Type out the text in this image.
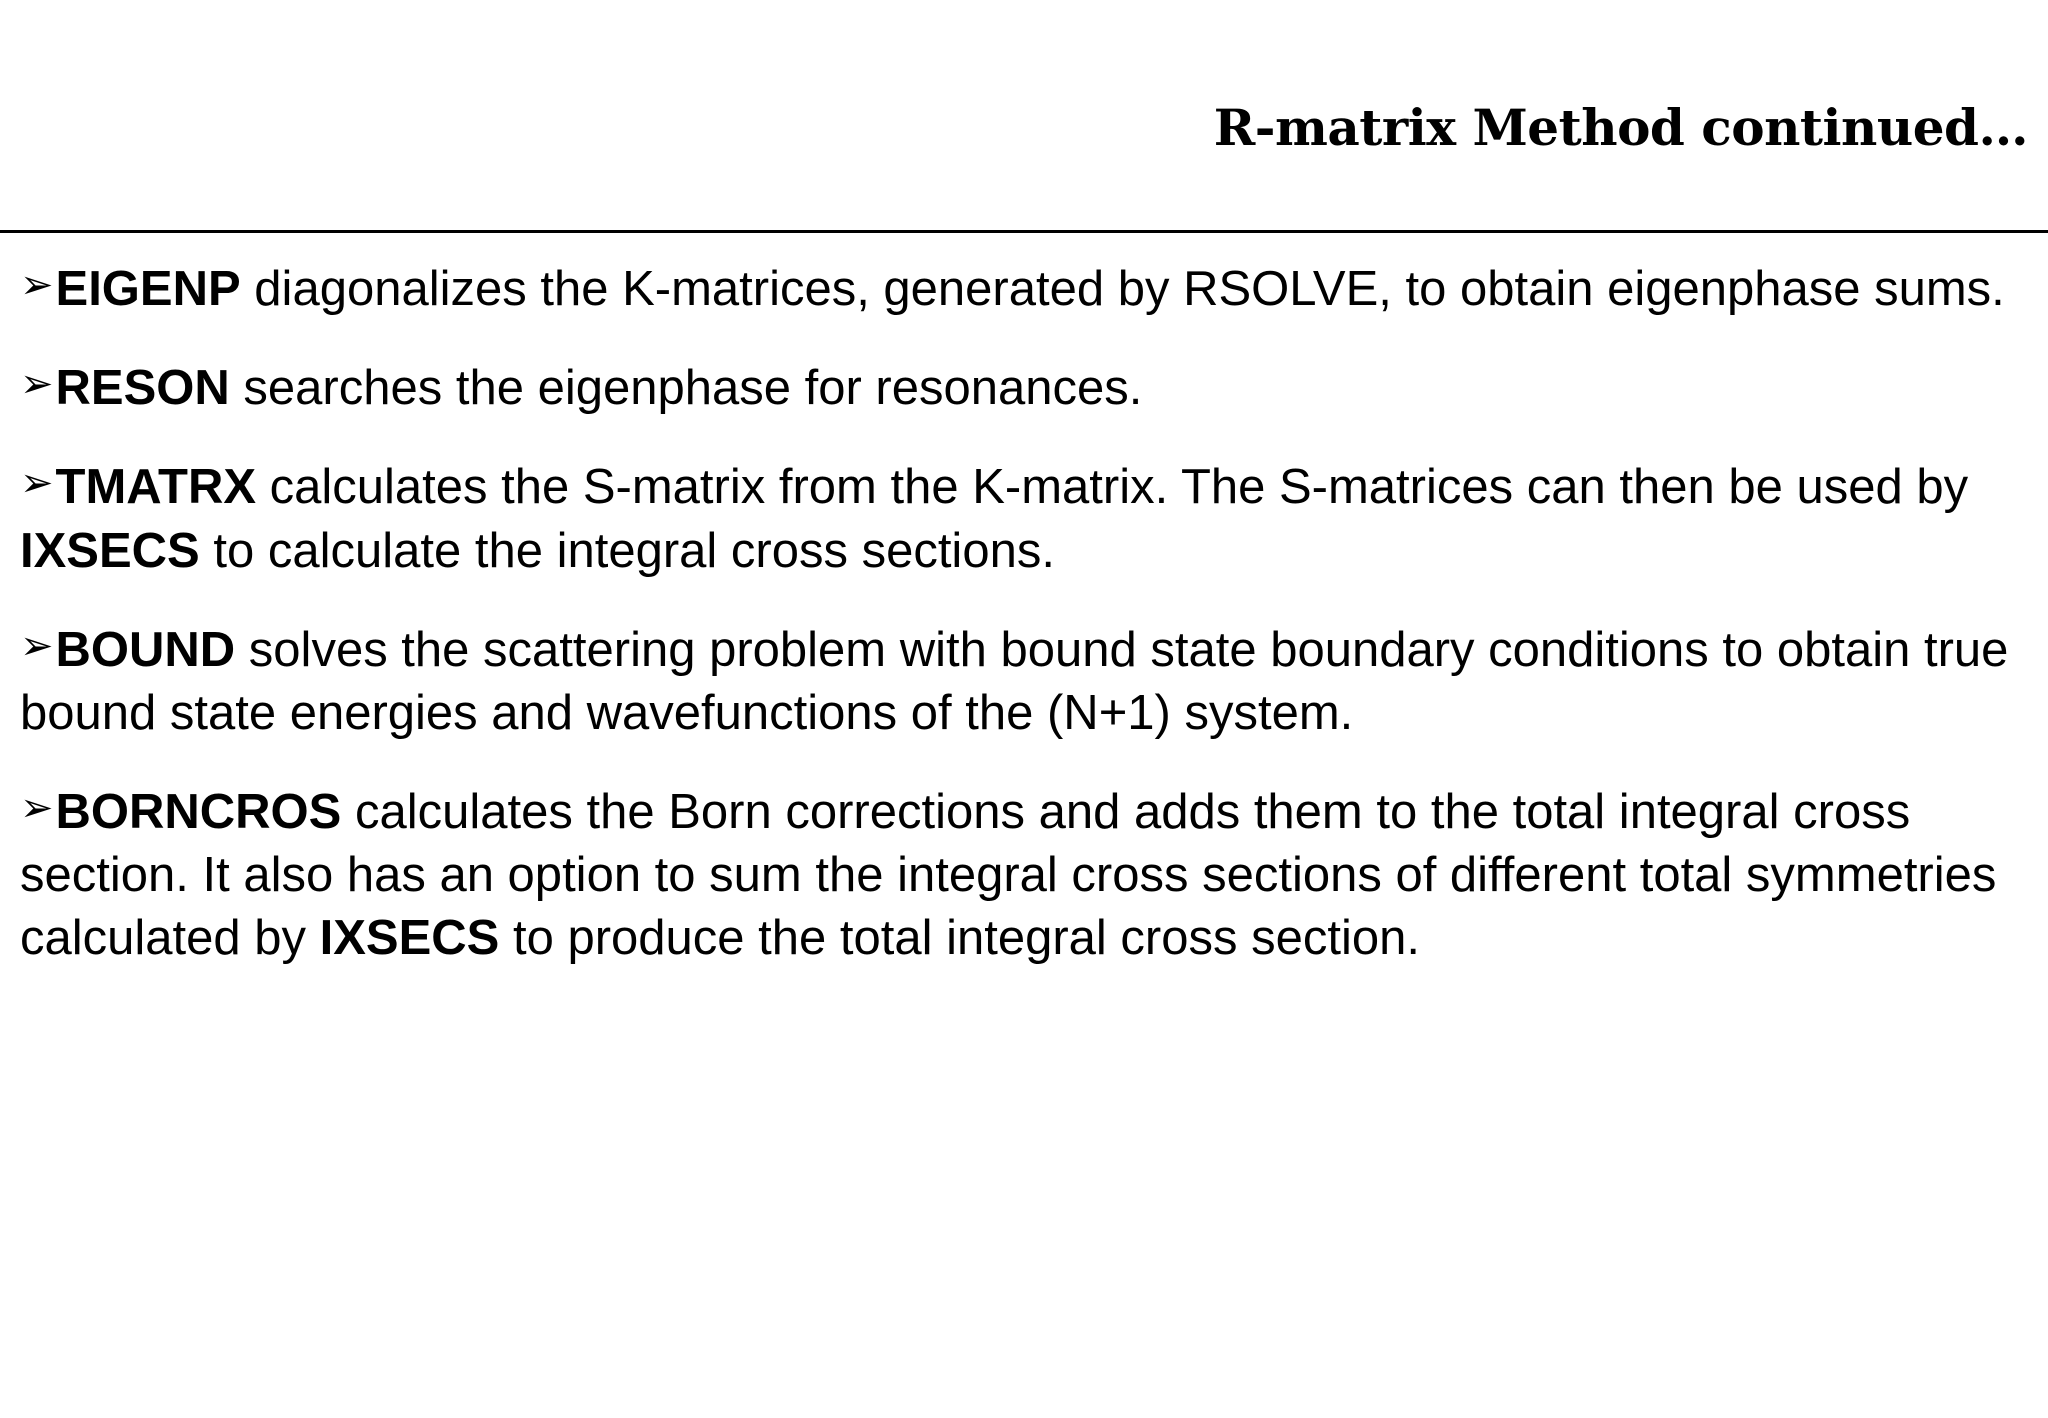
R-matrix Method continued…
➢EIGENP diagonalizes the K-matrices, generated by RSOLVE, to obtain eigenphase sums.
➢RESON searches the eigenphase for resonances.
➢TMATRX calculates the S-matrix from the K-matrix. The S-matrices can then be used by IXSECS to calculate the integral cross sections.
➢BOUND solves the scattering problem with bound state boundary conditions to obtain true bound state energies and wavefunctions of the (N+1) system.
➢BORNCROS calculates the Born corrections and adds them to the total integral cross section. It also has an option to sum the integral cross sections of different total symmetries calculated by IXSECS to produce the total integral cross section.
